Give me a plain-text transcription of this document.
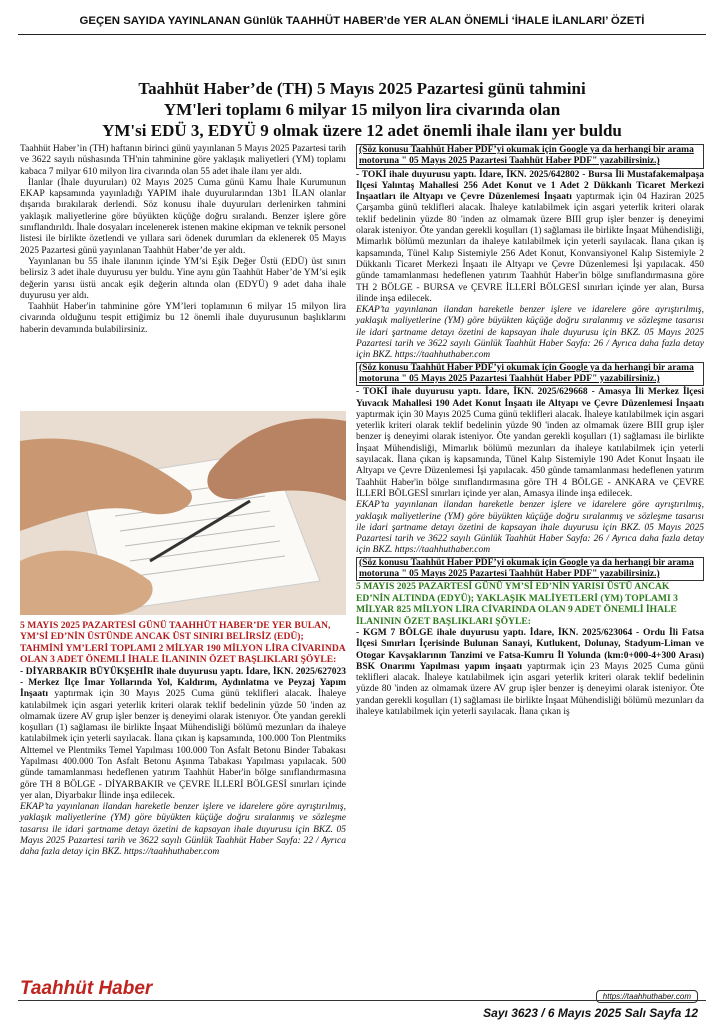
GEÇEN SAYIDA YAYINLANAN Günlük TAAHHÜT HABER’de YER ALAN ÖNEMLİ ‘İHALE İLANLARI’ ÖZETİ
Taahhüt Haber’de (TH) 5 Mayıs 2025 Pazartesi günü tahmini
YM'leri toplamı 6 milyar 15 milyon lira civarında olan
YM'si EDÜ 3, EDYÜ 9 olmak üzere 12 adet önemli ihale ilanı yer buldu

Taahhüt Haber’in (TH) haftanın birinci günü yayınlanan 5 Mayıs 2025 Pazartesi tarih ve 3622 sayılı nüshasında TH'nin tahminine göre yaklaşık maliyetleri (YM) toplamı kabaca 7 milyar 610 milyon lira civarında olan 55 adet ihale ilanı yer aldı.

İlanlar (İhale duyuruları) 02 Mayıs 2025 Cuma günü Kamu İhale Kurumunun EKAP kapsamında yayınladığı YAPIM ihale duyurularından 13b1 İLAN olanlar dışarıda bırakılarak derlendi. Söz konusu ihale duyuruları derlenirken tahmini yaklaşık maliyetlerine göre büyükten küçüğe doğru sıralandı. Benzer işlere göre sınıflandırıldı. İhale dosyaları incelenerek istenen makine ekipman ve teknik personel listesi ile birlikte özetlendi ve yıllara sari ödenek durumları da eklenerek 05 Mayıs 2025 Pazartesi günü yayınlanan Taahhüt Haber’de yer aldı.

Yayınlanan bu 55 ihale ilanının içinde YM’si Eşik Değer Üstü (EDÜ) üst sınırı belirsiz 3 adet ihale duyurusu yer buldu. Yine aynı gün Taahhüt Haber’de YM’si eşik değerin yarısı üstü ancak eşik değerin altında olan (EDYÜ) 9 adet daha ihale duyurusu yer aldı.

Taahhüt Haber'in tahminine göre YM’leri toplamının 6 milyar 15 milyon lira civarında olduğunu tespit ettiğimiz bu 12 önemli ihale duyurusunun başlıklarını haberin devamında bulabilirsiniz.

5 MAYIS 2025 PAZARTESİ GÜNÜ TAAHHÜT HABER’DE YER BULAN, YM’Sİ ED’NİN ÜSTÜNDE ANCAK ÜST SINIRI BELİRSİZ (EDÜ); TAHMİNİ YM’LERİ TOPLAMI 2 MİLYAR 190 MİLYON LİRA CİVARINDA OLAN 3 ADET ÖNEMLİ İHALE İLANININ ÖZET BAŞLIKLARI ŞÖYLE:
- DİYARBAKIR BÜYÜKŞEHİR ihale duyurusu yaptı. İdare, İKN. 2025/627023 - Merkez İlçe İmar Yollarında Yol, Kaldırım, Aydınlatma ve Peyzaj Yapım İnşaatı yaptırmak için 30 Mayıs 2025 Cuma günü teklifleri alacak. İhaleye katılabilmek için asgari yeterlik kriteri olarak teklif bedelinin yüzde 50 'inden az olmamak üzere AV grup işler benzer iş deneyimi olarak istenıyor. Öte yandan gerekli koşulları (1) sağlaması ile birlikte İnşaat Mühendisliği bölümü mezunları da ihaleye katılabilmek için yeterli sayılacak. İlana çıkan iş kapsamında, 100.000 Ton Plentmiks Alttemel ve Plentmiks Temel Yapılması 100.000 Ton Asfalt Betonu Binder Tabakası Yapılması 400.000 Ton Asfalt Betonu Aşınma Tabakası Yapılması yapılacak. 500 günde tamamlanması hedeflenen yatırım Taahhüt Haber'in bölge sınıflandırmasına göre TH 8 BÖLGE - DİYARBAKIR ve ÇEVRE İLLERİ BÖLGESİ sınırları içinde yer alan, Diyarbakır İlinde inşa edilecek.
EKAP’ta yayınlanan ilandan hareketle benzer işlere ve idarelere göre ayrıştırılmış, yaklaşık maliyetlerine (YM) göre büyükten küçüğe doğru sıralanmış ve sözleşme tasarısı ile idari şartname detayı özetini de kapsayan ihale duyurusu için BKZ. 05 Mayıs 2025 Pazartesi tarih ve 3622 sayılı Günlük Taahhüt Haber Sayfa: 22 / Ayrıca daha fazla detay için BKZ. https://taahhuthaber.com
(Söz konusu Taahhüt Haber PDF’yi okumak için Google ya da herhangi bir arama motoruna " 05 Mayıs 2025 Pazartesi Taahhüt Haber PDF" yazabilirsiniz.)
- TOKİ ihale duyurusu yaptı. İdare, İKN. 2025/642802 - Bursa İli Mustafakemalpaşa İlçesi Yalıntaş Mahallesi 256 Adet Konut ve 1 Adet 2 Dükkanlı Ticaret Merkezi İnşaatları ile Altyapı ve Çevre Düzenlemesi İnşaatı yaptırmak için 04 Haziran 2025 Çarşamba günü teklifleri alacak. İhaleye katılabilmek için asgari yeterlik kriteri olarak teklif bedelinin yüzde 80 'inden az olmamak üzere BIII grup işler benzer iş deneyimi olarak isteniyor. Öte yandan gerekli koşulları (1) sağlaması ile birlikte İnşaat Mühendisliği, Mimarlık bölümü mezunları da ihaleye katılabilmek için yeterli sayılacak. İlana çıkan iş kapsamında, Tünel Kalıp Sistemiyle 256 Adet Konut, Konvansiyonel Kalıp Sistemiyle 2 Dükkanlı Ticaret Merkezi İnşaatı ile Altyapı ve Çevre Düzenlemesi İşi yapılacak. 450 günde tamamlanması hedeflenen yatırım Taahhüt Haber'in bölge sınıflandırmasına göre TH 2 BÖLGE - BURSA ve ÇEVRE İLLERİ BÖLGESİ sınırları içinde yer alan, Bursa ilinde inşa edilecek.
EKAP’ta yayınlanan ilandan hareketle benzer işlere ve idarelere göre ayrıştırılmış, yaklaşık maliyetlerine (YM) göre büyükten küçüğe doğru sıralanmış ve sözleşme tasarısı ile idari şartname detayı özetini de kapsayan ihale duyurusu için BKZ. 05 Mayıs 2025 Pazartesi tarih ve 3622 sayılı Günlük Taahhüt Haber Sayfa: 26 / Ayrıca daha fazla detay için BKZ. https://taahhuthaber.com
(Söz konusu Taahhüt Haber PDF’yi okumak için Google ya da herhangi bir arama motoruna " 05 Mayıs 2025 Pazartesi Taahhüt Haber PDF" yazabilirsiniz.)
- TOKİ ihale duyurusu yaptı. İdare, İKN. 2025/629668 - Amasya İli Merkez İlçesi Yuvacık Mahallesi 190 Adet Konut İnşaatı ile Altyapı ve Çevre Düzenlemesi İnşaatı yaptırmak için 30 Mayıs 2025 Cuma günü teklifleri alacak. İhaleye katılabilmek için asgari yeterlik kriteri olarak teklif bedelinin yüzde 90 'inden az olmamak üzere BIII grup işler benzer iş deneyimi olarak isteniyor. Öte yandan gerekli koşulları (1) sağlaması ile birlikte İnşaat Mühendisliği, Mimarlık bölümü mezunları da ihaleye katılabilmek için yeterli sayılacak. İlana çıkan iş kapsamında, Tünel Kalıp Sistemiyle 190 Adet Konut İnşaatı ile Altyapı ve Çevre Düzenlemesi İşi yapılacak. 450 günde tamamlanması hedeflenen yatırım Taahhüt Haber'in bölge sınıflandırmasına göre TH 4 BÖLGE - ANKARA ve ÇEVRE İLLERİ BÖLGESİ sınırları içinde yer alan, Amasya ilinde inşa edilecek.
EKAP’ta yayınlanan ilandan hareketle benzer işlere ve idarelere göre ayrıştırılmış, yaklaşık maliyetlerine (YM) göre büyükten küçüğe doğru sıralanmış ve sözleşme tasarısı ile idari şartname detayı özetini de kapsayan ihale duyurusu için BKZ. 05 Mayıs 2025 Pazartesi tarih ve 3622 sayılı Günlük Taahhüt Haber Sayfa: 26 / Ayrıca daha fazla detay için BKZ. https://taahhuthaber.com
(Söz konusu Taahhüt Haber PDF’yi okumak için Google ya da herhangi bir arama motoruna " 05 Mayıs 2025 Pazartesi Taahhüt Haber PDF" yazabilirsiniz.)
5 MAYIS 2025 PAZARTESİ GÜNÜ YM’Sİ ED’NİN YARISI ÜSTÜ ANCAK ED’NİN ALTINDA (EDYÜ); YAKLAŞIK MALİYETLERİ (YM) TOPLAMI 3 MİLYAR 825 MİLYON LİRA CİVARINDA OLAN 9 ADET ÖNEMLİ İHALE İLANININ ÖZET BAŞLIKLARI ŞÖYLE:
- KGM 7 BÖLGE ihale duyurusu yaptı. İdare, İKN. 2025/623064 - Ordu İli Fatsa İlçesi Sınırları İçerisinde Bulunan Sanayi, Kutlukent, Dolunay, Stadyum-Liman ve Otogar Kavşaklarının Tanzimi ve Fatsa-Kumru İl Yolunda (km:0+000-4+300 Arası) BSK Onarımı Yapılması yapım inşaatı yaptırmak için 23 Mayıs 2025 Cuma günü teklifleri alacak. İhaleye katılabilmek için asgari yeterlik kriteri olarak teklif bedelinin yüzde 80 'inden az olmamak üzere AV grup işler benzer iş deneyimi olarak isteniyor. Öte yandan gerekli koşulları (1) sağlaması ile birlikte İnşaat Mühendisliği bölümü mezunları da ihaleye katılabilmek için yeterli sayılacak. İlana çıkan iş
https://taahhuthaber.com
Taahhüt Haber
Sayı 3623 / 6 Mayıs 2025 Salı Sayfa 12
